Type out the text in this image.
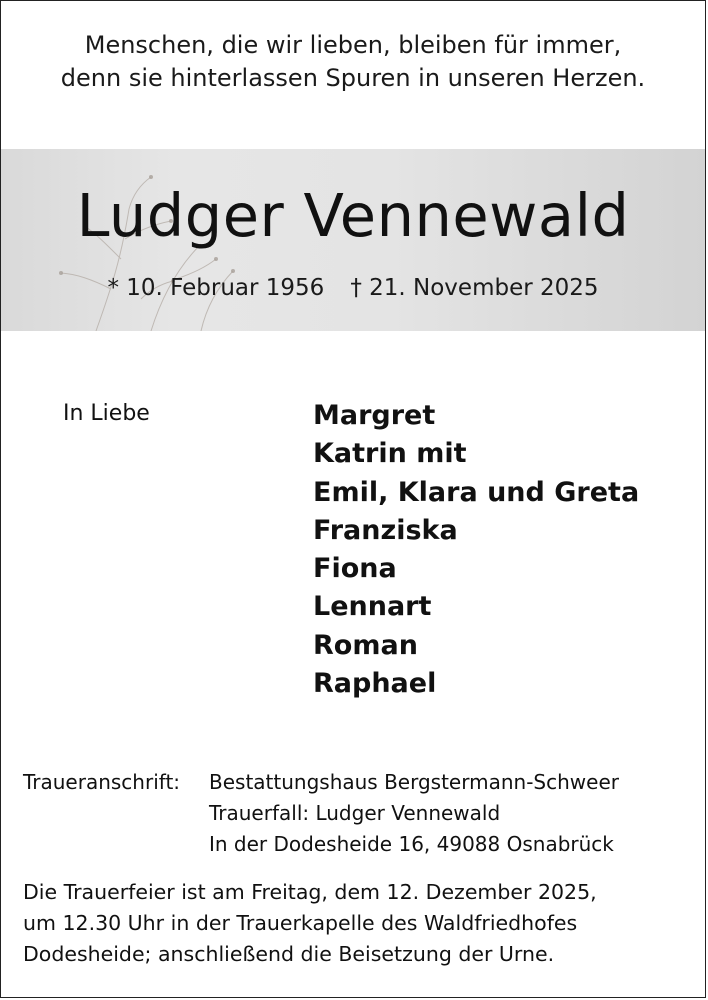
Menschen, die wir lieben, bleiben für immer,
denn sie hinterlassen Spuren in unseren Herzen.
Ludger Vennewald
* 10. Februar 1956 † 21. November 2025
In Liebe	Margret
Katrin mit
Emil, Klara und Greta
Franziska
Fiona
Lennart
Roman
Raphael
Traueranschrift: Bestattungshaus Bergstermann-Schweer
Trauerfall: Ludger Vennewald
In der Dodesheide 16, 49088 Osnabrück
Die Trauerfeier ist am Freitag, dem 12. Dezember 2025,
um 12.30 Uhr in der Trauerkapelle des Waldfriedhofes
Dodesheide; anschließend die Beisetzung der Urne.
